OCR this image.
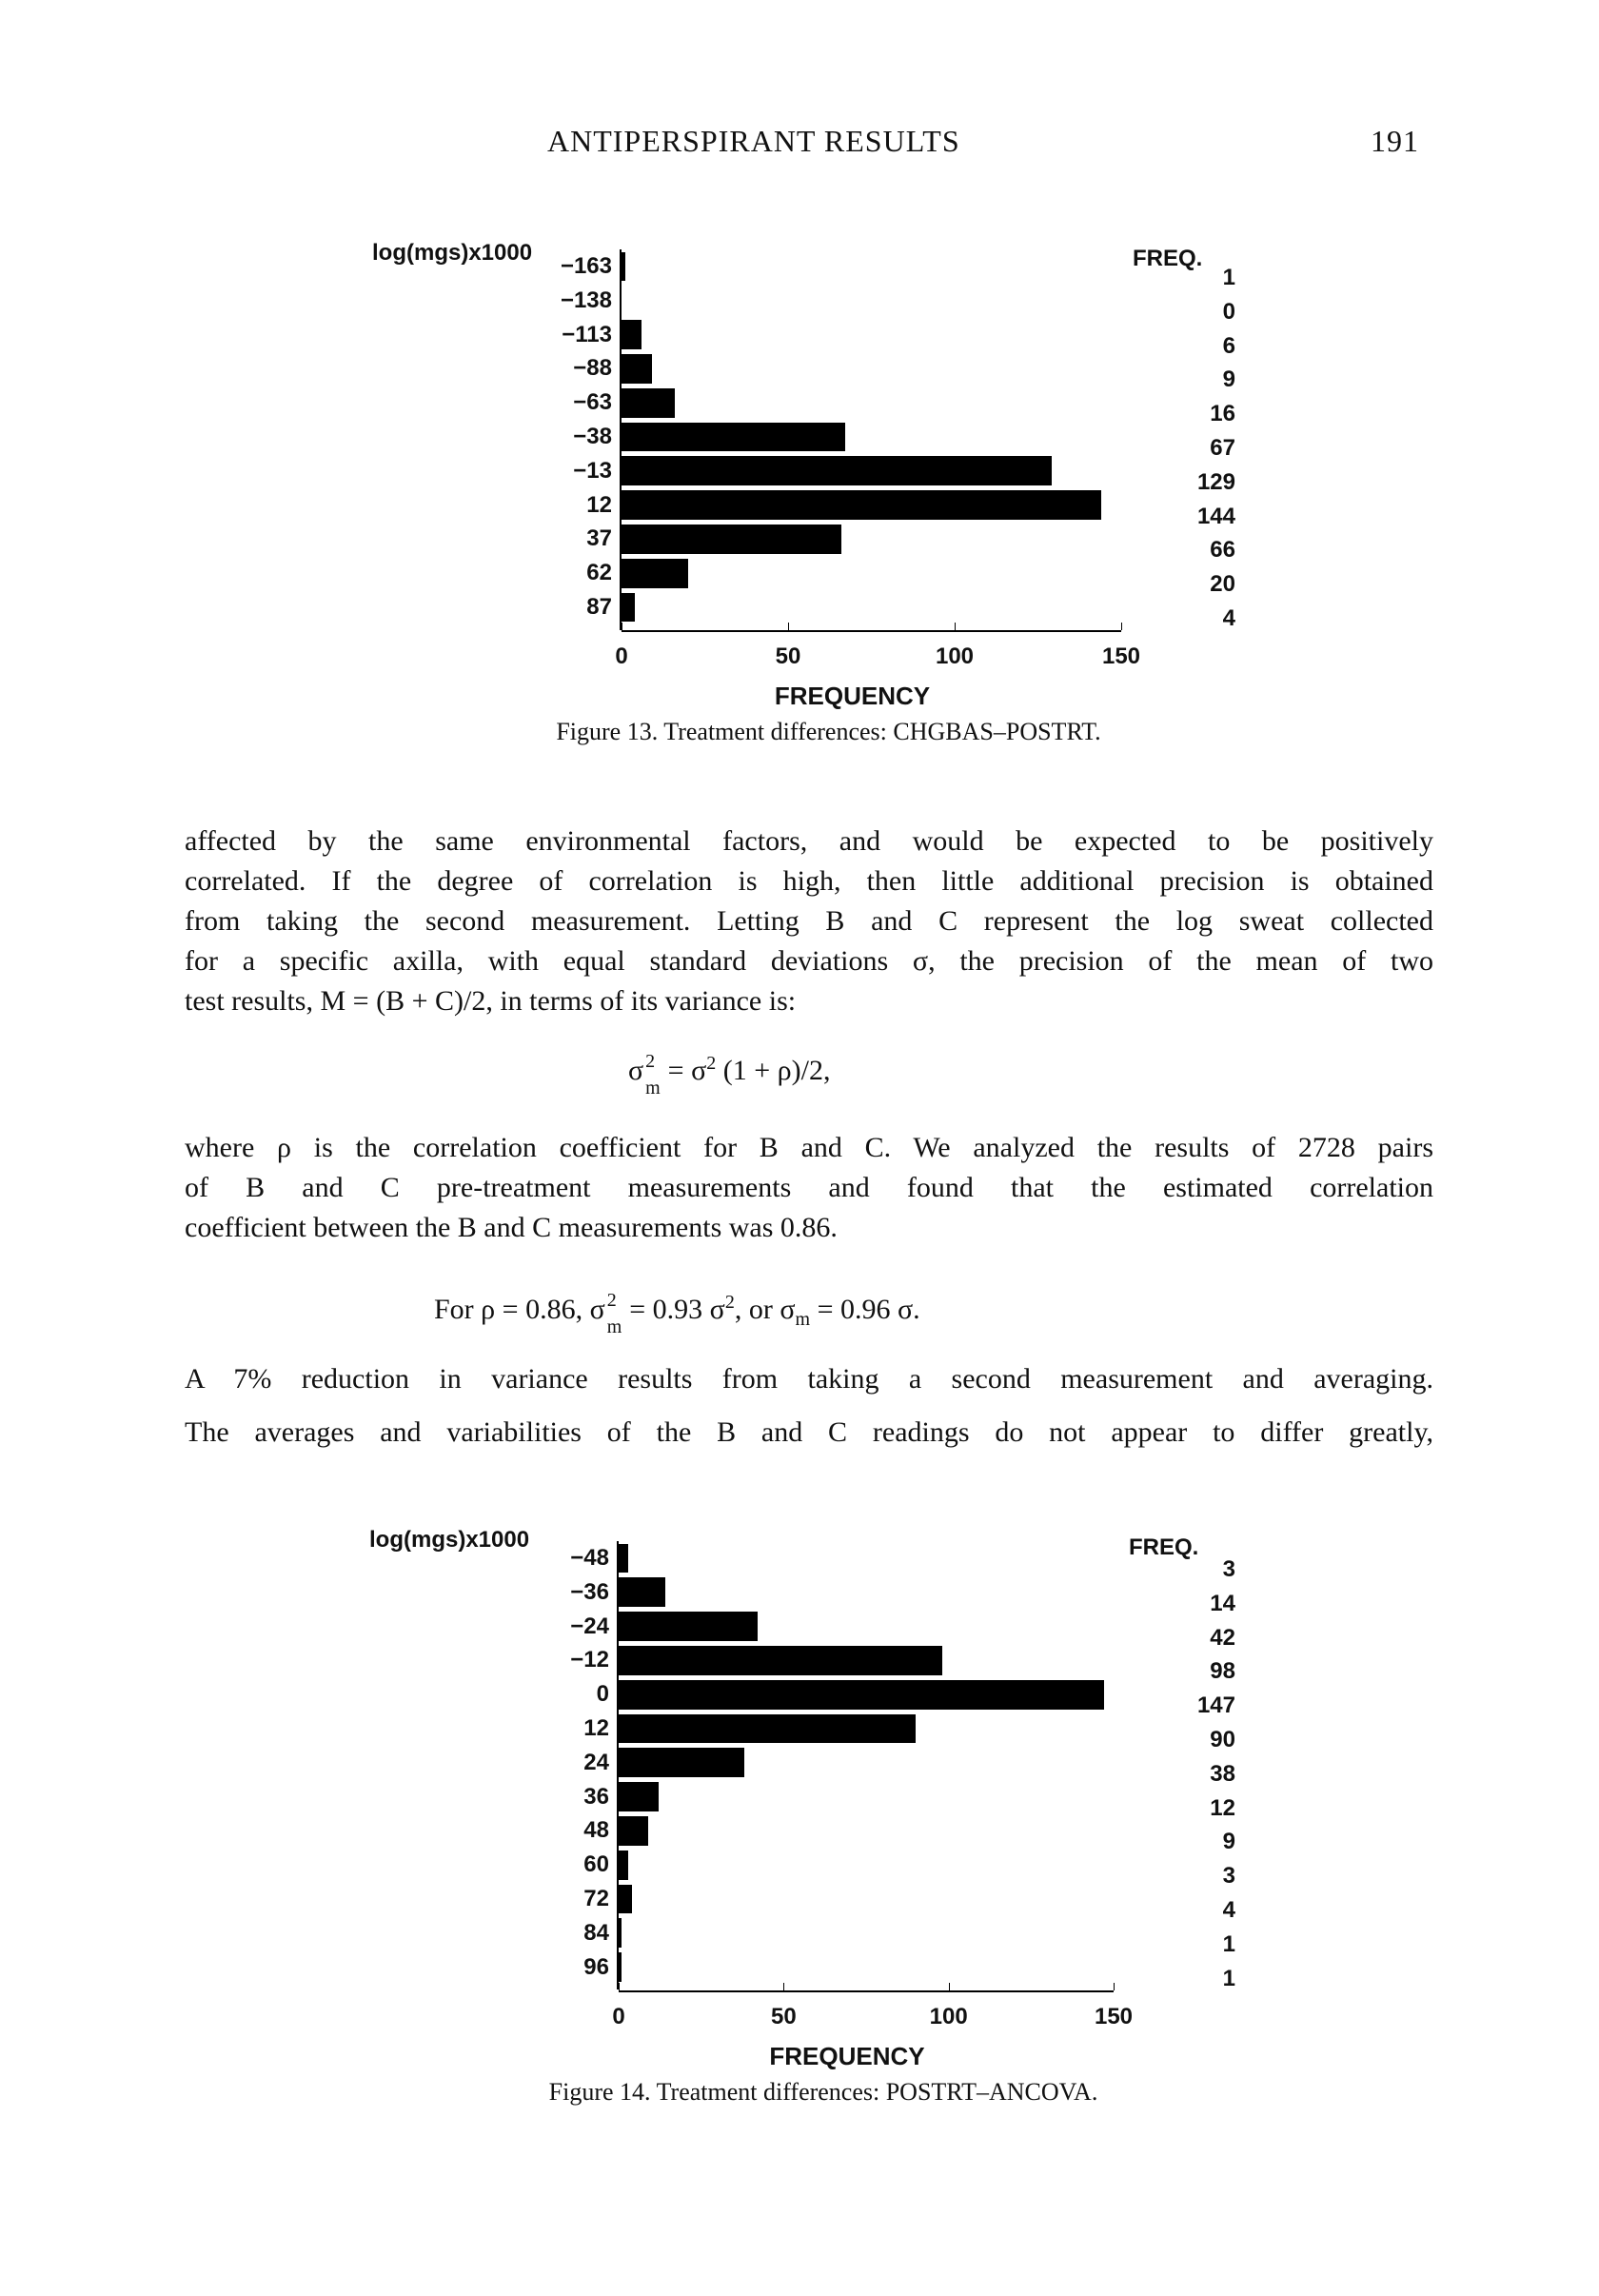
ANTIPERSPIRANT RESULTS	191
log(mgs)x1000	FREQ.
−163	1
−138	0
−113	6
−88	9
−63	16
−38	67
−13	129
12	144
37	66
62	20
87	4
0	50	100	150
FREQUENCY
Figure 13. Treatment differences: CHGBAS–POSTRT.
affected by the same environmental factors, and would be expected to be positively
correlated. If the degree of correlation is high, then little additional precision is obtained
from taking the second measurement. Letting B and C represent the log sweat collected
for a specific axilla, with equal standard deviations σ, the precision of the mean of two
test results, M = (B + C)/2, in terms of its variance is:
σ 2
m
= $\sigma^2$ (1 + ρ)/2,
where ρ is the correlation coefficient for B and C. We analyzed the results of 2728 pairs
of B and C pre-treatment measurements and found that the estimated correlation
coefficient between the B and C measurements was 0.86.
For ρ = 0.86, σ 2
m
= 0.93 $\sigma^2$, or $\sigma_m = 0.96$ σ.
A 7% reduction in variance results from taking a second measurement and averaging.
The averages and variabilities of the B and C readings do not appear to differ greatly,
log(mgs)x1000	FREQ.
−48	3
−36	14
−24	42
−12	98
0	147
12	90
24	38
36	12
48	9
60	3
72	4
84	1
96	1
0	50	100	150
FREQUENCY
Figure 14. Treatment differences: POSTRT–ANCOVA.
